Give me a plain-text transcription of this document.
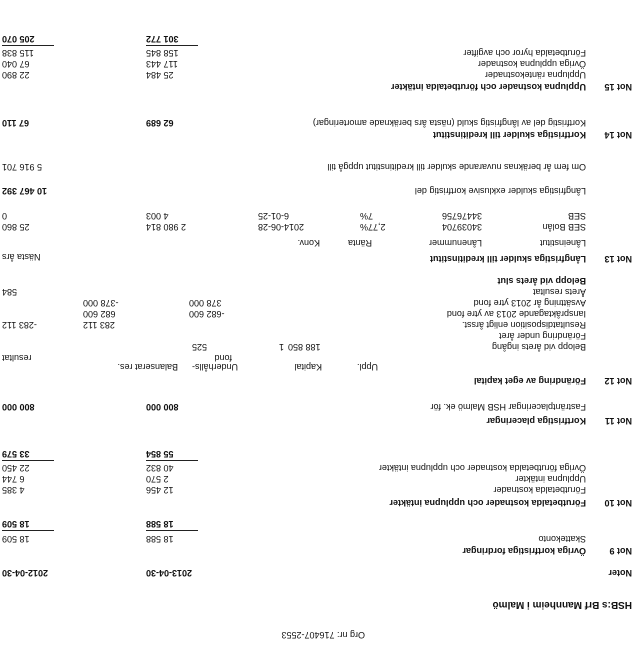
Org nr: 716407-2553
HSB:s Brf Mannheim i Malmö
Noter
2013-04-30
2012-04-30
Not 9
Övriga kortfristiga fordringar
Skattekonto
18 588
18 509
18 588
18 509
Not 10
Förutbetalda kostnader och upplupna intäkter
Förutbetalda kostnader
12 456
4 385
Upplupna intäkter
2 570
6 744
Övriga förutbetalda kostnader och upplupna intäkter
40 832
22 450
55 854
33 579
Not 11
Kortfristiga placeringar
Fasträntplaceringar HSB Malmö ek. för
800 000
800 000
Not 12
Förändring av eget kapital
Uppl.
Kapital
Underhålls-
Balanserat res.
resultat	fond
Belopp vid årets ingång
188 850
525	1
Förändring under året
Resultatdisposition enligt årsst.
283 112
-283 112
Ianspråktagande 2013 av ytre fond
-682 600
682 600
Avsättning år 2013 ytre fond
378 000
-378 000
Årets resultat
584
Belopp vid årets slut
Not 13
Långfristiga skulder till kreditinstitut
Nästa års
Låneinstitut
Lånenummer
Ränta
Konv.
SEB Bolån
34039704
2,77%
2014-06-28
2 980 814
25 860
SEB
34476756
7%
6-01-25
4 003
0
Långfristiga skulder exklusive kortfristig del
10 467 392
Om fem år beräknas nuvarande skulder till kreditinstitut uppgå till
5 916 701
Not 14
Kortfristiga skulder till kreditinstitut
Kortfristig del av långfristig skuld (nästa års beräknade amorteringar)
62 689
67 110
Not 15
Upplupna kostnader och förutbetalda intäkter
Upplupna räntekostnader
25 484
22 890
Övriga upplupna kostnader
117 443
67 040
Förutbetalda hyror och avgifter
158 845
115 838
301 772
205 070
